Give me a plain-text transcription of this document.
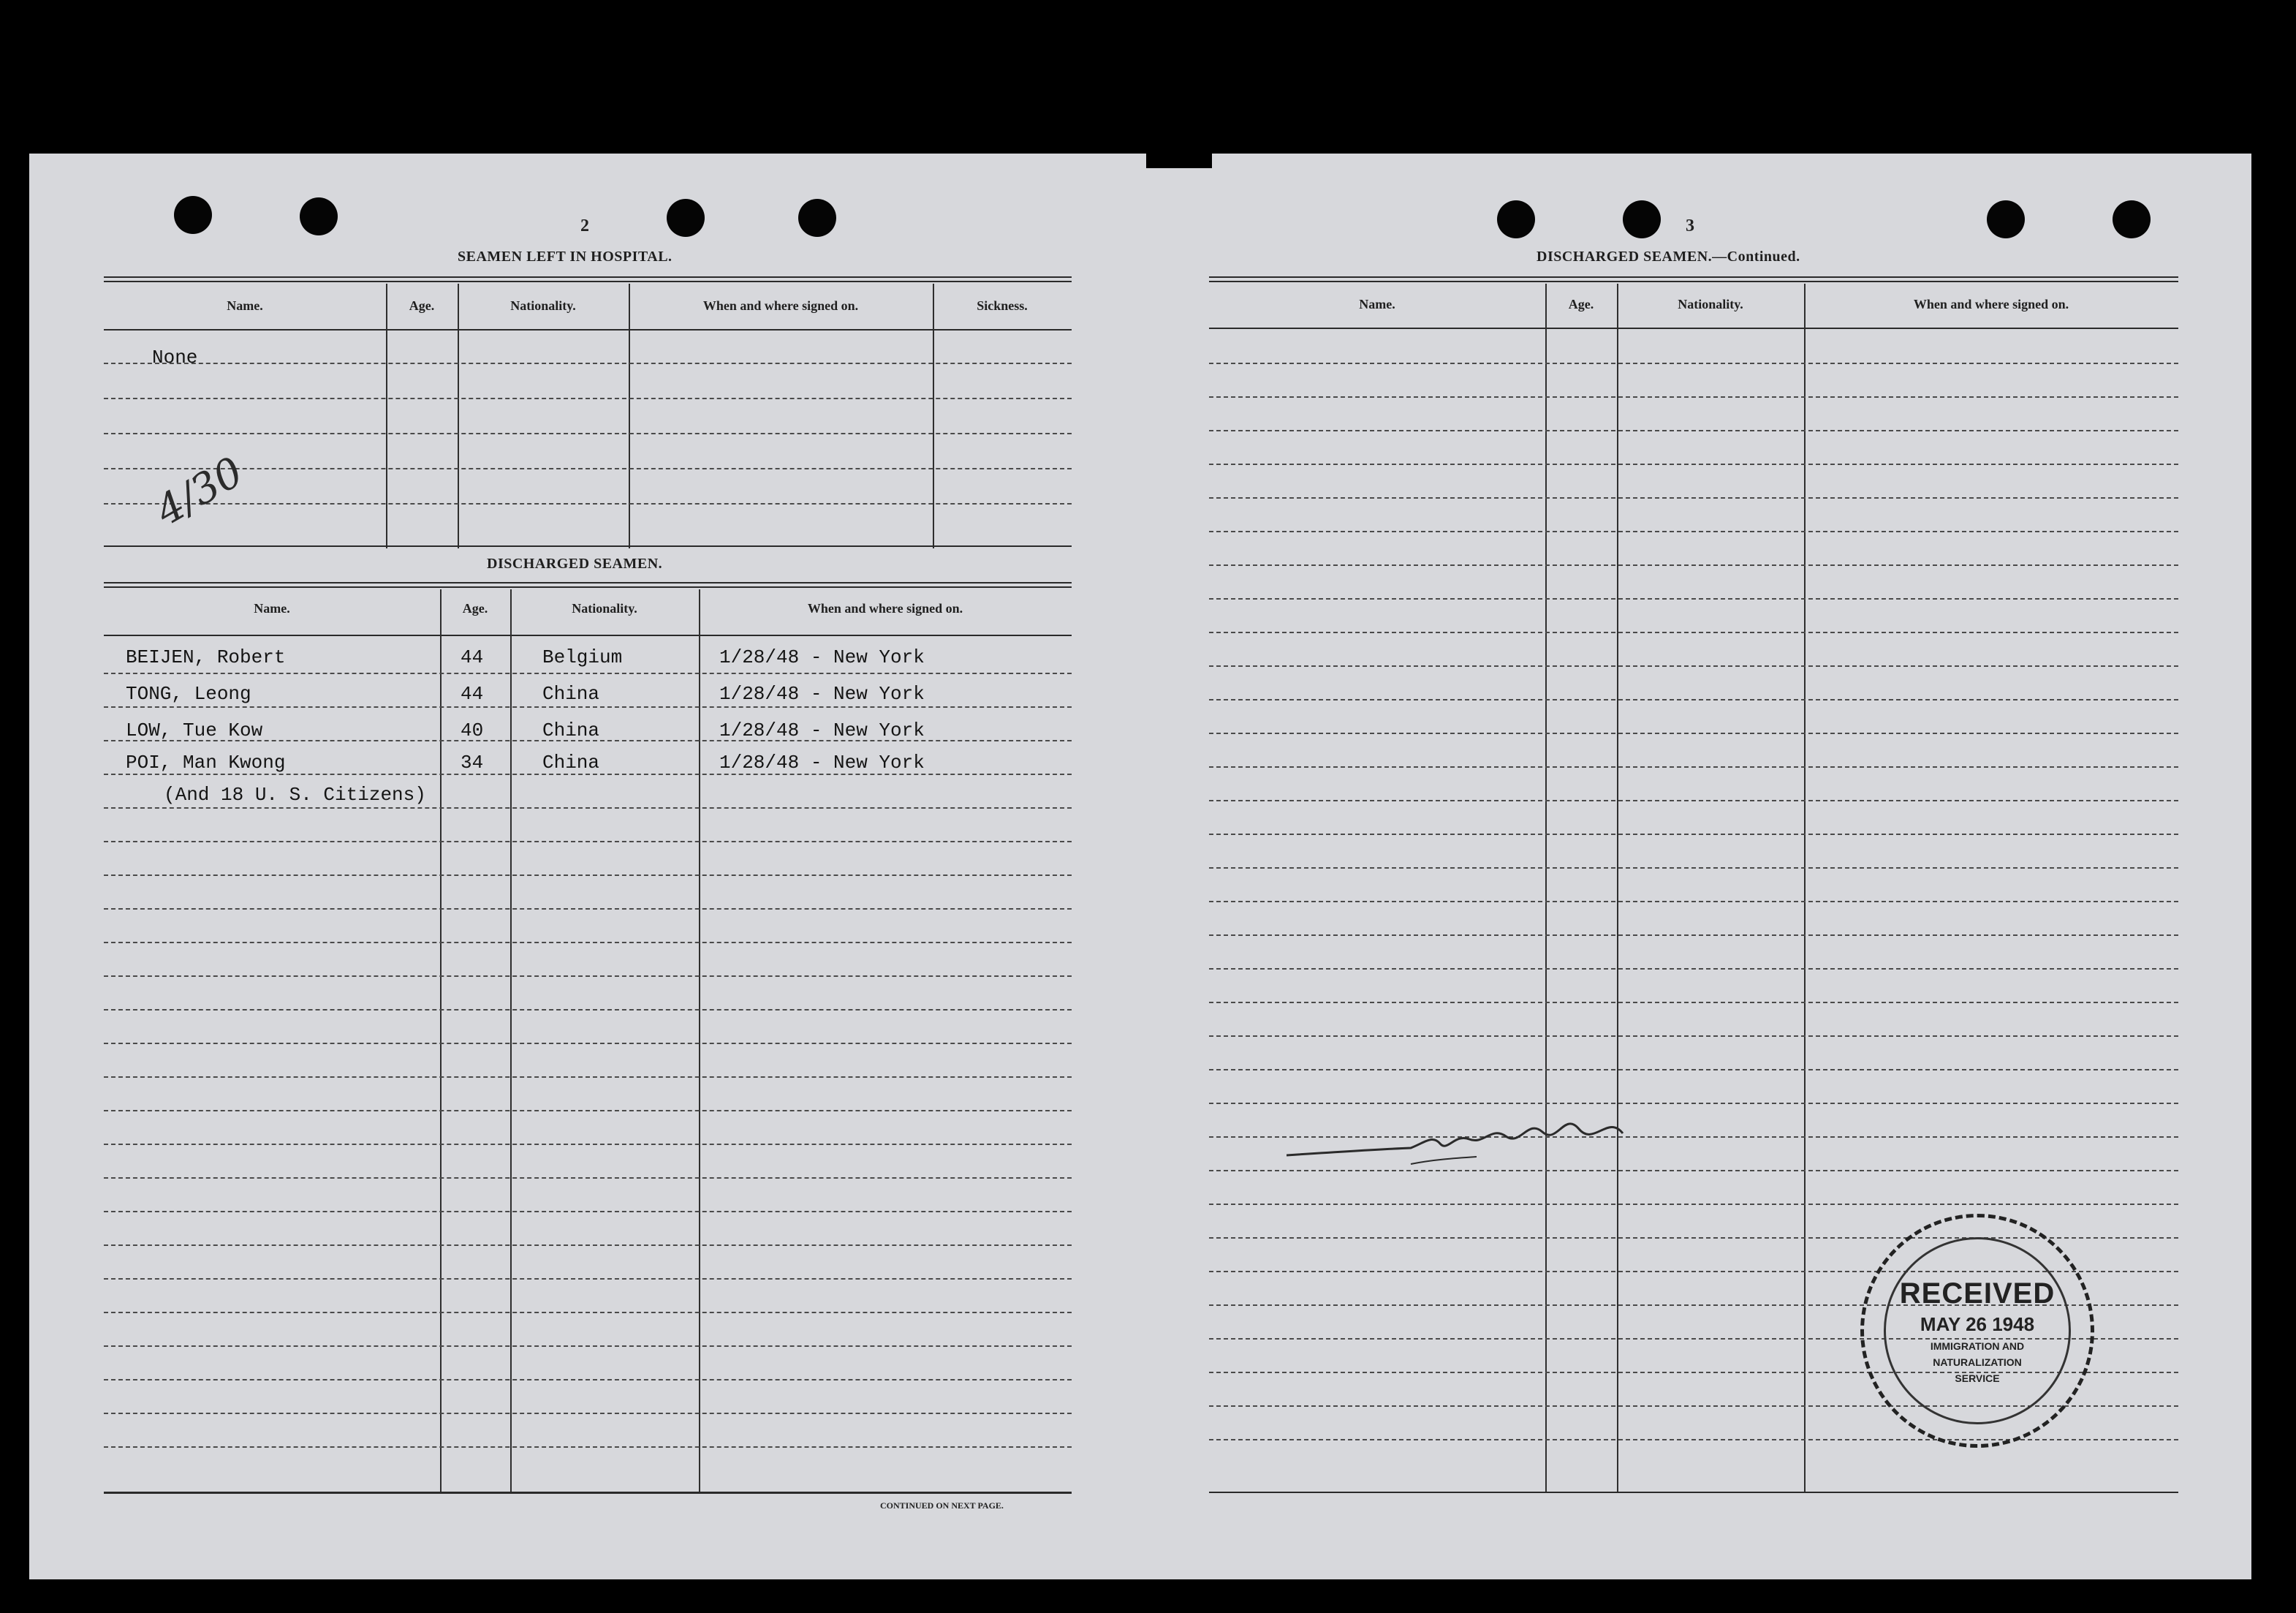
2
SEAMEN LEFT IN HOSPITAL.
Name.	Age.	Nationality.	When and where signed on.	Sickness.
None
DISCHARGED SEAMEN.
Name.	Age.	Nationality.	When and where signed on.
BEIJEN, Robert	44	Belgium	1/28/48 - New York
TONG, Leong	44	China	1/28/48 - New York
LOW, Tue Kow	40	China	1/28/48 - New York
POI, Man Kwong	34	China	1/28/48 - New York
(And 18 U. S. Citizens)
CONTINUED ON NEXT PAGE.
4/30
3
DISCHARGED SEAMEN.—Continued.
Name.	Age.	Nationality.	When and where signed on.
RECEIVED
MAY 26 1948
IMMIGRATION AND
NATURALIZATION
SERVICE
